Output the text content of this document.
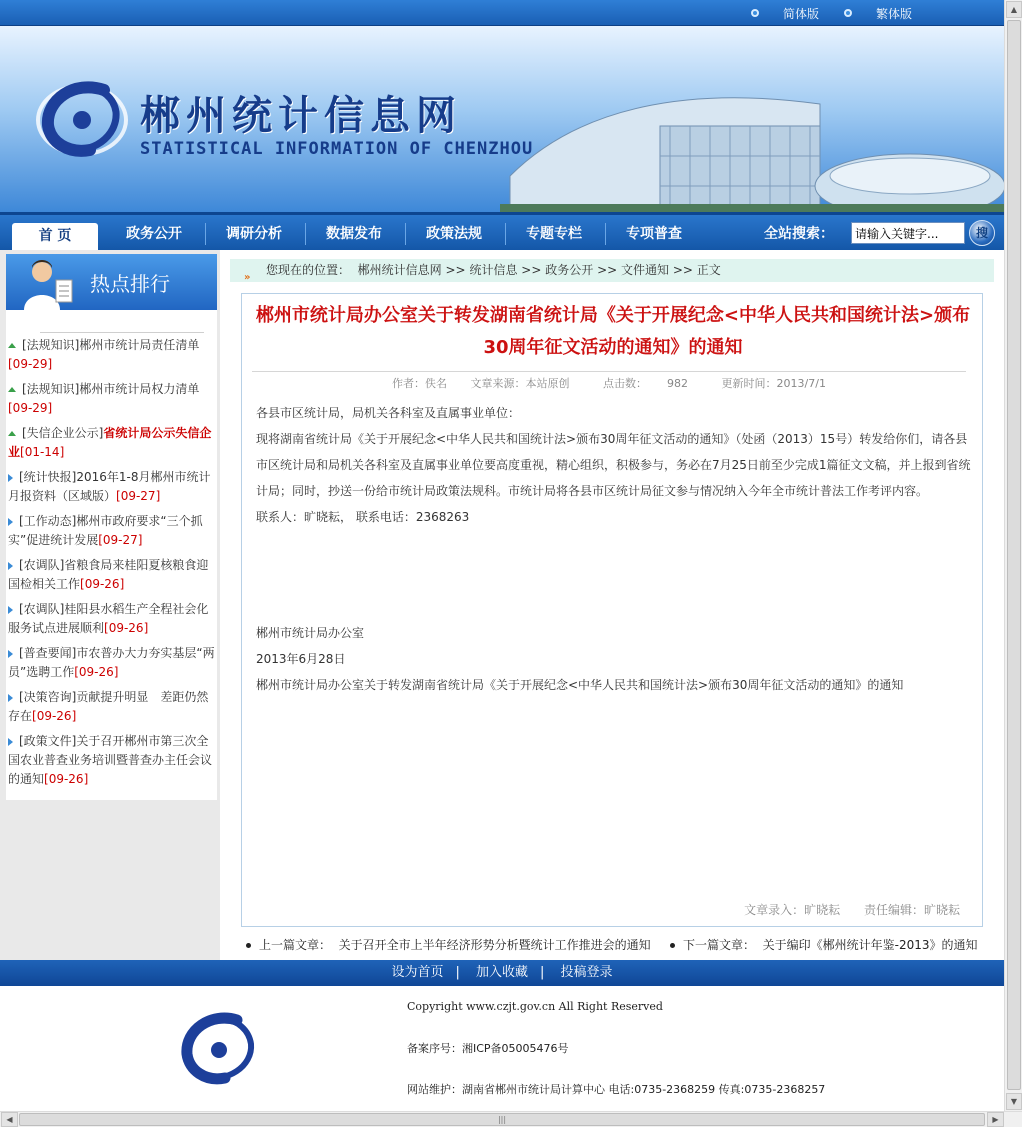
简体版	繁体版
郴州统计信息网
STATISTICAL INFORMATION OF CHENZHOU
首 页	政务公开	调研分析	数据发布	政策法规	专题专栏	专项普查	全站搜索：
请输入关键字...	搜
热点排行
[法规知识]郴州市统计局责任清单
[09-29]
[法规知识]郴州市统计局权力清单
[09-29]
[失信企业公示]省统计局公示失信企业[01-14]
[统计快报]2016年1-8月郴州市统计月报资料（区域版）[09-27]
[工作动态]郴州市政府要求“三个抓实”促进统计发展[09-27]
[农调队]省粮食局来桂阳夏核粮食迎国检相关工作[09-26]
[农调队]桂阳县水稻生产全程社会化服务试点进展顺利[09-26]
[普查要闻]市农普办大力夯实基层“两员”选聘工作[09-26]
[决策咨询]贡献提升明显　差距仍然存在[09-26]
[政策文件]关于召开郴州市第三次全国农业普查业务培训暨普查办主任会议的通知[09-26]
»
您现在的位置： 郴州统计信息网 >> 统计信息 >> 政务公开 >> 文件通知 >> 正文
郴州市统计局办公室关于转发湖南省统计局《关于开展纪念<中华人民共和国统计法>颁布30周年征文活动的通知》的通知
作者：佚名 文章来源：本站原创	点击数： 982	更新时间：2013/7/1

各县市区统计局，局机关各科室及直属事业单位：

现将湖南省统计局《关于开展纪念<中华人民共和国统计法>颁布30周年征文活动的通知》（处函（2013）15号）转发给你们，请各县市区统计局和局机关各科室及直属事业单位要高度重视，精心组织，积极参与，务必在7月25日前至少完成1篇征文文稿，并上报到省统计局；同时，抄送一份给市统计局政策法规科。市统计局将各县市区统计局征文参与情况纳入今年全市统计普法工作考评内容。

联系人：旷晓耘， 联系电话：2368263

郴州市统计局办公室

2013年6月28日

郴州市统计局办公室关于转发湖南省统计局《关于开展纪念<中华人民共和国统计法>颁布30周年征文活动的通知》的通知

文章录入：旷晓耘 责任编辑：旷晓耘
上一篇文章： 关于召开全市上半年经济形势分析暨统计工作推进会的通知	下一篇文章： 关于编印《郴州统计年鉴-2013》的通知
设为首页 | 加入收藏 | 投稿登录
Copyright www.czjt.gov.cn All Right Reserved
备案序号：湘ICP备05005476号
网站维护：湖南省郴州市统计局计算中心 电话:0735-2368259 传真:0735-2368257
▲
▼
◀	|||	▶
